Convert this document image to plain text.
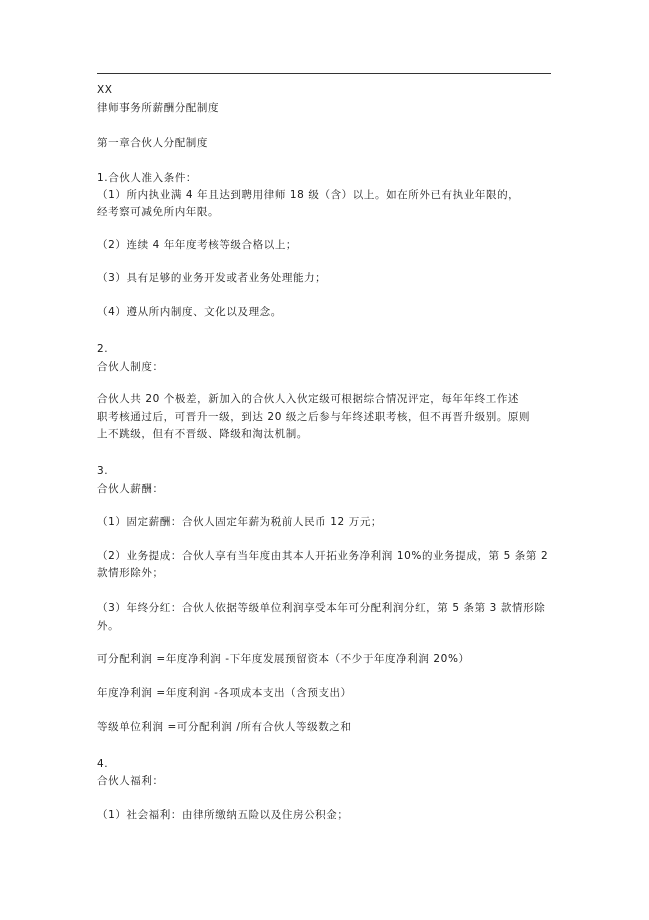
XX
律师事务所薪酬分配制度
第一章合伙人分配制度
1.合伙人准入条件：
（1）所内执业满 4 年且达到聘用律师 18 级（含）以上。如在所外已有执业年限的，
经考察可减免所内年限。
（2）连续 4 年年度考核等级合格以上；
（3）具有足够的业务开发或者业务处理能力；
（4）遵从所内制度、文化以及理念。
2.
合伙人制度：
合伙人共 20 个极差，新加入的合伙人入伙定级可根据综合情况评定，每年年终工作述
职考核通过后，可晋升一级，到达 20 级之后参与年终述职考核，但不再晋升级别。原则
上不跳级，但有不晋级、降级和淘汰机制。
3.
合伙人薪酬：
（1）固定薪酬：合伙人固定年薪为税前人民币 12 万元；
（2）业务提成：合伙人享有当年度由其本人开拓业务净利润 10%的业务提成，第 5 条第 2
款情形除外；
（3）年终分红：合伙人依据等级单位利润享受本年可分配利润分红，第 5 条第 3 款情形除
外。
可分配利润 =年度净利润 -下年度发展预留资本（不少于年度净利润 20%）
年度净利润 =年度利润 -各项成本支出（含预支出）
等级单位利润 =可分配利润 /所有合伙人等级数之和
4.
合伙人福利：
（1）社会福利：由律所缴纳五险以及住房公积金；
